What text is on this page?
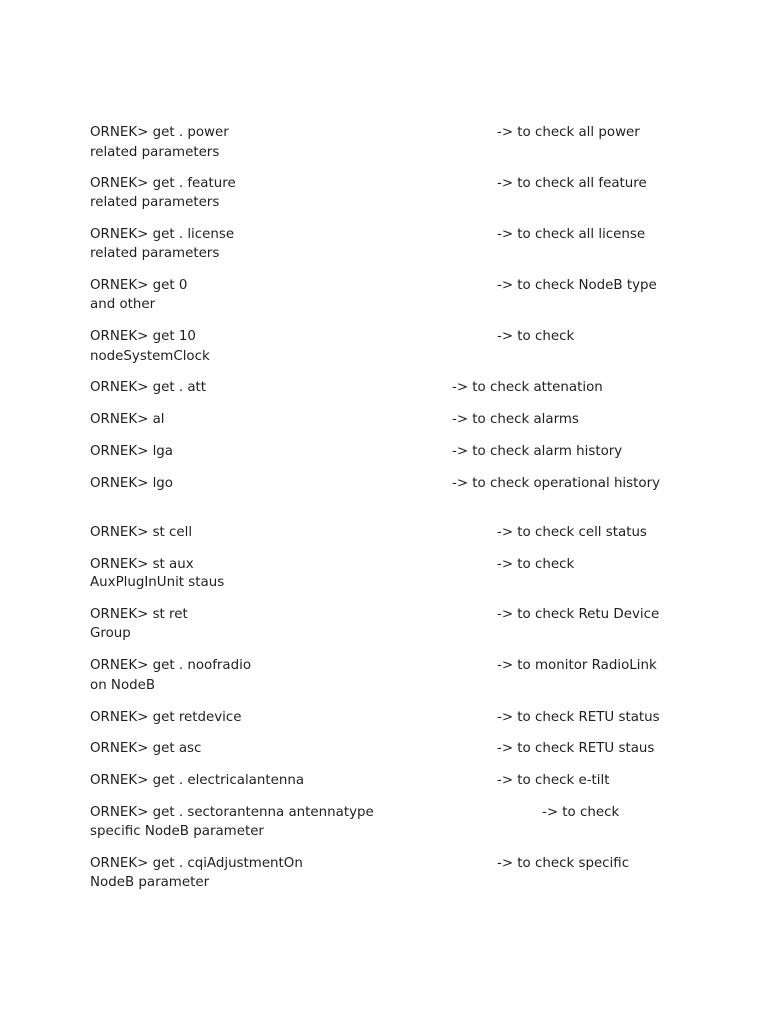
ORNEK> get . power	-> to check all power
related parameters
ORNEK> get . feature	-> to check all feature
related parameters
ORNEK> get . license	-> to check all license
related parameters
ORNEK> get 0	-> to check NodeB type
and other
ORNEK> get 10	-> to check
nodeSystemClock
ORNEK> get . att	-> to check attenation
ORNEK> al	-> to check alarms
ORNEK> lga	-> to check alarm history
ORNEK> lgo	-> to check operational history
ORNEK> st cell	-> to check cell status
ORNEK> st aux	-> to check
AuxPlugInUnit staus
ORNEK> st ret	-> to check Retu Device
Group
ORNEK> get . noofradio	-> to monitor RadioLink
on NodeB
ORNEK> get retdevice	-> to check RETU status
ORNEK> get asc	-> to check RETU staus
ORNEK> get . electricalantenna	-> to check e-tilt
ORNEK> get . sectorantenna antennatype	-> to check
specific NodeB parameter
ORNEK> get . cqiAdjustmentOn	-> to check specific
NodeB parameter
